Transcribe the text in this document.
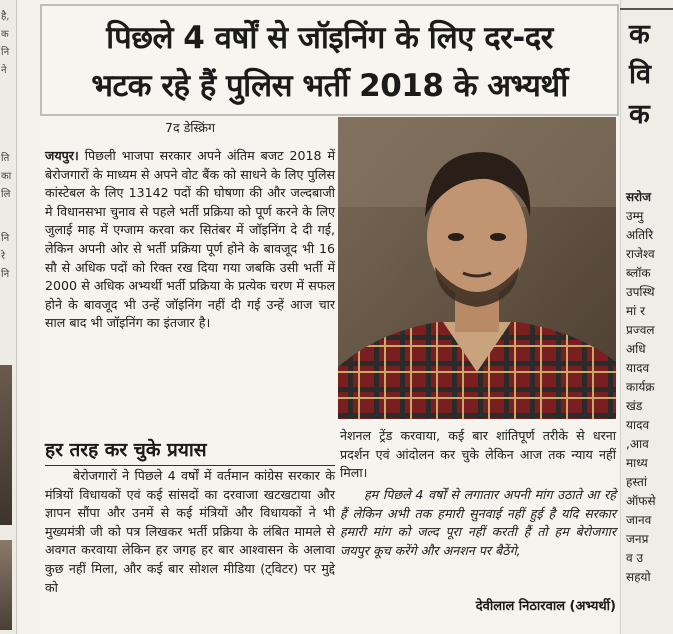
है,
क
नि
ने
ति
का
लि
नि
रे
नि
पिछले 4 वर्षों से जॉइनिंग के लिए दर-दर
भटक रहे हैं पुलिस भर्ती 2018 के अभ्यर्थी
7द डेस्क्रिंग
जयपुर। पिछली भाजपा सरकार अपने अंतिम बजट 2018 में बेरोजगारों के माध्यम से अपने वोट बैंक को साधने के लिए पुलिस कांस्टेबल के लिए 13142 पदों की घोषणा की और जल्दबाजी मे विधानसभा चुनाव से पहले भर्ती प्रक्रिया को पूर्ण करने के लिए जुलाई माह में एग्जाम करवा कर सितंबर में जॉइनिंग दे दी गई, लेकिन अपनी ओर से भर्ती प्रक्रिया पूर्ण होने के बावजूद भी 16 सौ से अधिक पदों को रिक्त रख दिया गया जबकि उसी भर्ती में 2000 से अधिक अभ्यर्थी भर्ती प्रक्रिया के प्रत्येक चरण में सफल होने के बावजूद भी उन्हें जॉइनिंग नहीं दी गई उन्हें आज चार साल बाद भी जॉइनिंग का इंतजार है।
हर तरह कर चुके प्रयास
बेरोजगारों ने पिछले 4 वर्षों में वर्तमान कांग्रेस सरकार के मंत्रियों विधायकों एवं कई सांसदों का दरवाजा खटखटाया और ज्ञापन सौंपा और उनमें से कई मंत्रियों और विधायकों ने भी मुख्यमंत्री जी को पत्र लिखकर भर्ती प्रक्रिया के लंबित मामले से अवगत करवाया लेकिन हर जगह हर बार आश्वासन के अलावा कुछ नहीं मिला, और कई बार सोशल मीडिया (ट्विटर) पर मुद्दे को
नेशनल ट्रेंड करवाया, कई बार शांतिपूर्ण तरीके से धरना प्रदर्शन एवं आंदोलन कर चुके लेकिन आज तक न्याय नहीं मिला।
हम पिछले 4 वर्षों से लगातार अपनी मांग उठाते आ रहे हैं लेकिन अभी तक हमारी सुनवाई नहीं हुई है यदि सरकार हमारी मांग को जल्द पूरा नहीं करती हैं तो हम बेरोजगार जयपुर कूच करेंगे और अनशन पर बैठेंगे,
देवीलाल निठारवाल (अभ्यर्थी)
क
वि
क
सरोज
उम्मु
अतिरि
राजेश्व
ब्लॉक
उपस्थि
मां र
प्रज्वल
अधि
यादव
कार्यक्र
खंड
यादव
,आव
माध्य
हस्तां
ऑफसे
जानव
जनप्र
व उ
सहयो
